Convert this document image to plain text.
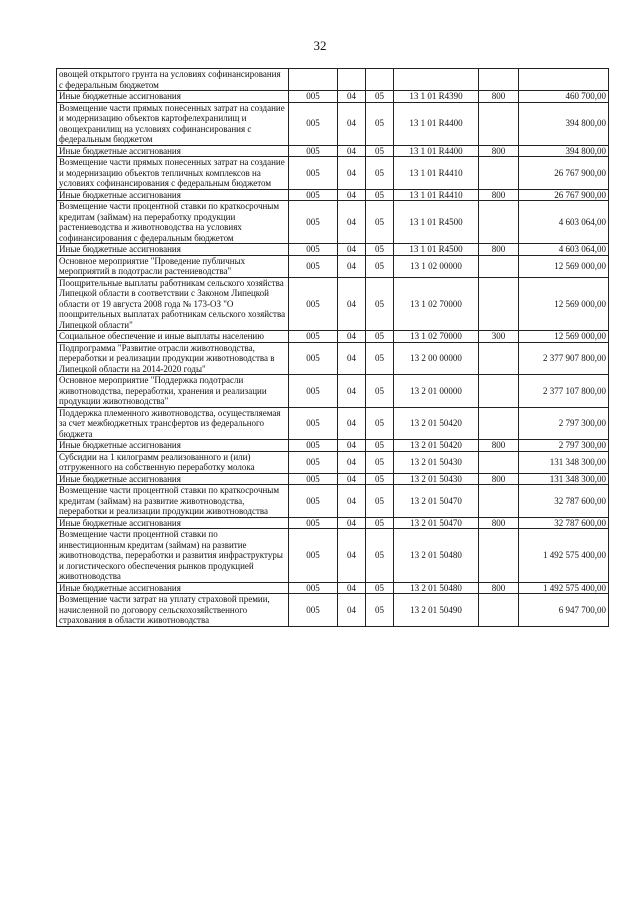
32
овощей открытого грунта на условиях софинансирования с федеральным бюджетом						
Иные бюджетные ассигнования	005	04	05	13 1 01 R4390	800	460 700,00
Возмещение части прямых понесенных затрат на создание и модернизацию объектов картофелехранилищ и овощехранилищ на условиях софинансирования с федеральным бюджетом	005	04	05	13 1 01 R4400		394 800,00
Иные бюджетные ассигнования	005	04	05	13 1 01 R4400	800	394 800,00
Возмещение части прямых понесенных затрат на создание и модернизацию объектов тепличных комплексов на условиях софинансирования с федеральным бюджетом	005	04	05	13 1 01 R4410		26 767 900,00
Иные бюджетные ассигнования	005	04	05	13 1 01 R4410	800	26 767 900,00
Возмещение части процентной ставки по краткосрочным кредитам (займам) на переработку продукции растениеводства и животноводства на условиях софинансирования с федеральным бюджетом	005	04	05	13 1 01 R4500		4 603 064,00
Иные бюджетные ассигнования	005	04	05	13 1 01 R4500	800	4 603 064,00
Основное мероприятие "Проведение публичных мероприятий в подотрасли растениеводства"	005	04	05	13 1 02 00000		12 569 000,00
Поощрительные выплаты работникам сельского хозяйства Липецкой области в соответствии с Законом Липецкой области от 19 августа 2008 года № 173-ОЗ "О поощрительных выплатах работникам сельского хозяйства Липецкой области"	005	04	05	13 1 02 70000		12 569 000,00
Социальное обеспечение и иные выплаты населению	005	04	05	13 1 02 70000	300	12 569 000,00
Подпрограмма "Развитие отрасли животноводства, переработки и реализации продукции животноводства в Липецкой области на 2014-2020 годы"	005	04	05	13 2 00 00000		2 377 907 800,00
Основное мероприятие "Поддержка подотрасли животноводства, переработки, хранения и реализации продукции животноводства"	005	04	05	13 2 01 00000		2 377 107 800,00
Поддержка племенного животноводства, осуществляемая за счет межбюджетных трансфертов из федерального бюджета	005	04	05	13 2 01 50420		2 797 300,00
Иные бюджетные ассигнования	005	04	05	13 2 01 50420	800	2 797 300,00
Субсидии на 1 килограмм реализованного и (или) отгруженного на собственную переработку молока	005	04	05	13 2 01 50430		131 348 300,00
Иные бюджетные ассигнования	005	04	05	13 2 01 50430	800	131 348 300,00
Возмещение части процентной ставки по краткосрочным кредитам (займам) на развитие животноводства, переработки и реализации продукции животноводства	005	04	05	13 2 01 50470		32 787 600,00
Иные бюджетные ассигнования	005	04	05	13 2 01 50470	800	32 787 600,00
Возмещение части процентной ставки по инвестиционным кредитам (займам) на развитие животноводства, переработки и развития инфраструктуры и логистического обеспечения рынков продукцией животноводства	005	04	05	13 2 01 50480		1 492 575 400,00
Иные бюджетные ассигнования	005	04	05	13 2 01 50480	800	1 492 575 400,00
Возмещение части затрат на уплату страховой премии, начисленной по договору сельскохозяйственного страхования в области животноводства	005	04	05	13 2 01 50490		6 947 700,00
